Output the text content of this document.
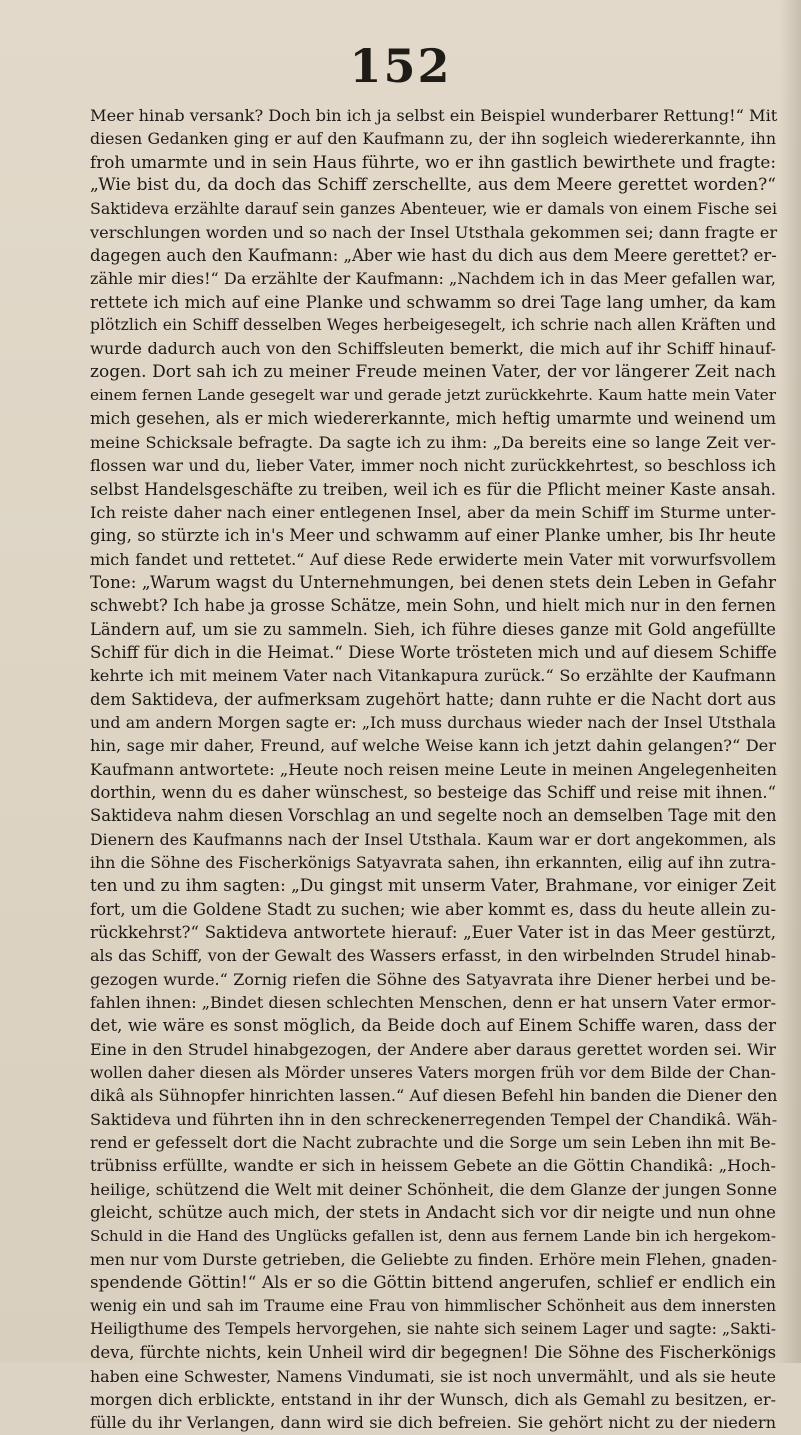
152
Meer hinab versank? Doch bin ich ja selbst ein Beispiel wunderbarer Rettung!“ Mit
diesen Gedanken ging er auf den Kaufmann zu, der ihn sogleich wiedererkannte, ihn
froh umarmte und in sein Haus führte, wo er ihn gastlich bewirthete und fragte:
„Wie bist du, da doch das Schiff zerschellte, aus dem Meere gerettet worden?“
Saktideva erzählte darauf sein ganzes Abenteuer, wie er damals von einem Fische sei
verschlungen worden und so nach der Insel Utsthala gekommen sei; dann fragte er
dagegen auch den Kaufmann: „Aber wie hast du dich aus dem Meere gerettet? er-
zähle mir dies!“ Da erzählte der Kaufmann: „Nachdem ich in das Meer gefallen war,
rettete ich mich auf eine Planke und schwamm so drei Tage lang umher, da kam
plötzlich ein Schiff desselben Weges herbeigesegelt, ich schrie nach allen Kräften und
wurde dadurch auch von den Schiffsleuten bemerkt, die mich auf ihr Schiff hinauf-
zogen. Dort sah ich zu meiner Freude meinen Vater, der vor längerer Zeit nach
einem fernen Lande gesegelt war und gerade jetzt zurückkehrte. Kaum hatte mein Vater
mich gesehen, als er mich wiedererkannte, mich heftig umarmte und weinend um
meine Schicksale befragte. Da sagte ich zu ihm: „Da bereits eine so lange Zeit ver-
flossen war und du, lieber Vater, immer noch nicht zurückkehrtest, so beschloss ich
selbst Handelsgeschäfte zu treiben, weil ich es für die Pflicht meiner Kaste ansah.
Ich reiste daher nach einer entlegenen Insel, aber da mein Schiff im Sturme unter-
ging, so stürzte ich in's Meer und schwamm auf einer Planke umher, bis Ihr heute
mich fandet und rettetet.“ Auf diese Rede erwiderte mein Vater mit vorwurfsvollem
Tone: „Warum wagst du Unternehmungen, bei denen stets dein Leben in Gefahr
schwebt? Ich habe ja grosse Schätze, mein Sohn, und hielt mich nur in den fernen
Ländern auf, um sie zu sammeln. Sieh, ich führe dieses ganze mit Gold angefüllte
Schiff für dich in die Heimat.“ Diese Worte trösteten mich und auf diesem Schiffe
kehrte ich mit meinem Vater nach Vitankapura zurück.“ So erzählte der Kaufmann
dem Saktideva, der aufmerksam zugehört hatte; dann ruhte er die Nacht dort aus
und am andern Morgen sagte er: „Ich muss durchaus wieder nach der Insel Utsthala
hin, sage mir daher, Freund, auf welche Weise kann ich jetzt dahin gelangen?“ Der
Kaufmann antwortete: „Heute noch reisen meine Leute in meinen Angelegenheiten
dorthin, wenn du es daher wünschest, so besteige das Schiff und reise mit ihnen.“
Saktideva nahm diesen Vorschlag an und segelte noch an demselben Tage mit den
Dienern des Kaufmanns nach der Insel Utsthala. Kaum war er dort angekommen, als
ihn die Söhne des Fischerkönigs Satyavrata sahen, ihn erkannten, eilig auf ihn zutra-
ten und zu ihm sagten: „Du gingst mit unserm Vater, Brahmane, vor einiger Zeit
fort, um die Goldene Stadt zu suchen; wie aber kommt es, dass du heute allein zu-
rückkehrst?“ Saktideva antwortete hierauf: „Euer Vater ist in das Meer gestürzt,
als das Schiff, von der Gewalt des Wassers erfasst, in den wirbelnden Strudel hinab-
gezogen wurde.“ Zornig riefen die Söhne des Satyavrata ihre Diener herbei und be-
fahlen ihnen: „Bindet diesen schlechten Menschen, denn er hat unsern Vater ermor-
det, wie wäre es sonst möglich, da Beide doch auf Einem Schiffe waren, dass der
Eine in den Strudel hinabgezogen, der Andere aber daraus gerettet worden sei. Wir
wollen daher diesen als Mörder unseres Vaters morgen früh vor dem Bilde der Chan-
dikâ als Sühnopfer hinrichten lassen.“ Auf diesen Befehl hin banden die Diener den
Saktideva und führten ihn in den schreckenerregenden Tempel der Chandikâ. Wäh-
rend er gefesselt dort die Nacht zubrachte und die Sorge um sein Leben ihn mit Be-
trübniss erfüllte, wandte er sich in heissem Gebete an die Göttin Chandikâ: „Hoch-
heilige, schützend die Welt mit deiner Schönheit, die dem Glanze der jungen Sonne
gleicht, schütze auch mich, der stets in Andacht sich vor dir neigte und nun ohne
Schuld in die Hand des Unglücks gefallen ist, denn aus fernem Lande bin ich hergekom-
men nur vom Durste getrieben, die Geliebte zu finden. Erhöre mein Flehen, gnaden-
spendende Göttin!“ Als er so die Göttin bittend angerufen, schlief er endlich ein
wenig ein und sah im Traume eine Frau von himmlischer Schönheit aus dem innersten
Heiligthume des Tempels hervorgehen, sie nahte sich seinem Lager und sagte: „Sakti-
deva, fürchte nichts, kein Unheil wird dir begegnen! Die Söhne des Fischerkönigs
haben eine Schwester, Namens Vindumati, sie ist noch unvermählt, und als sie heute
morgen dich erblickte, entstand in ihr der Wunsch, dich als Gemahl zu besitzen, er-
fülle du ihr Verlangen, dann wird sie dich befreien. Sie gehört nicht zu der niedern
